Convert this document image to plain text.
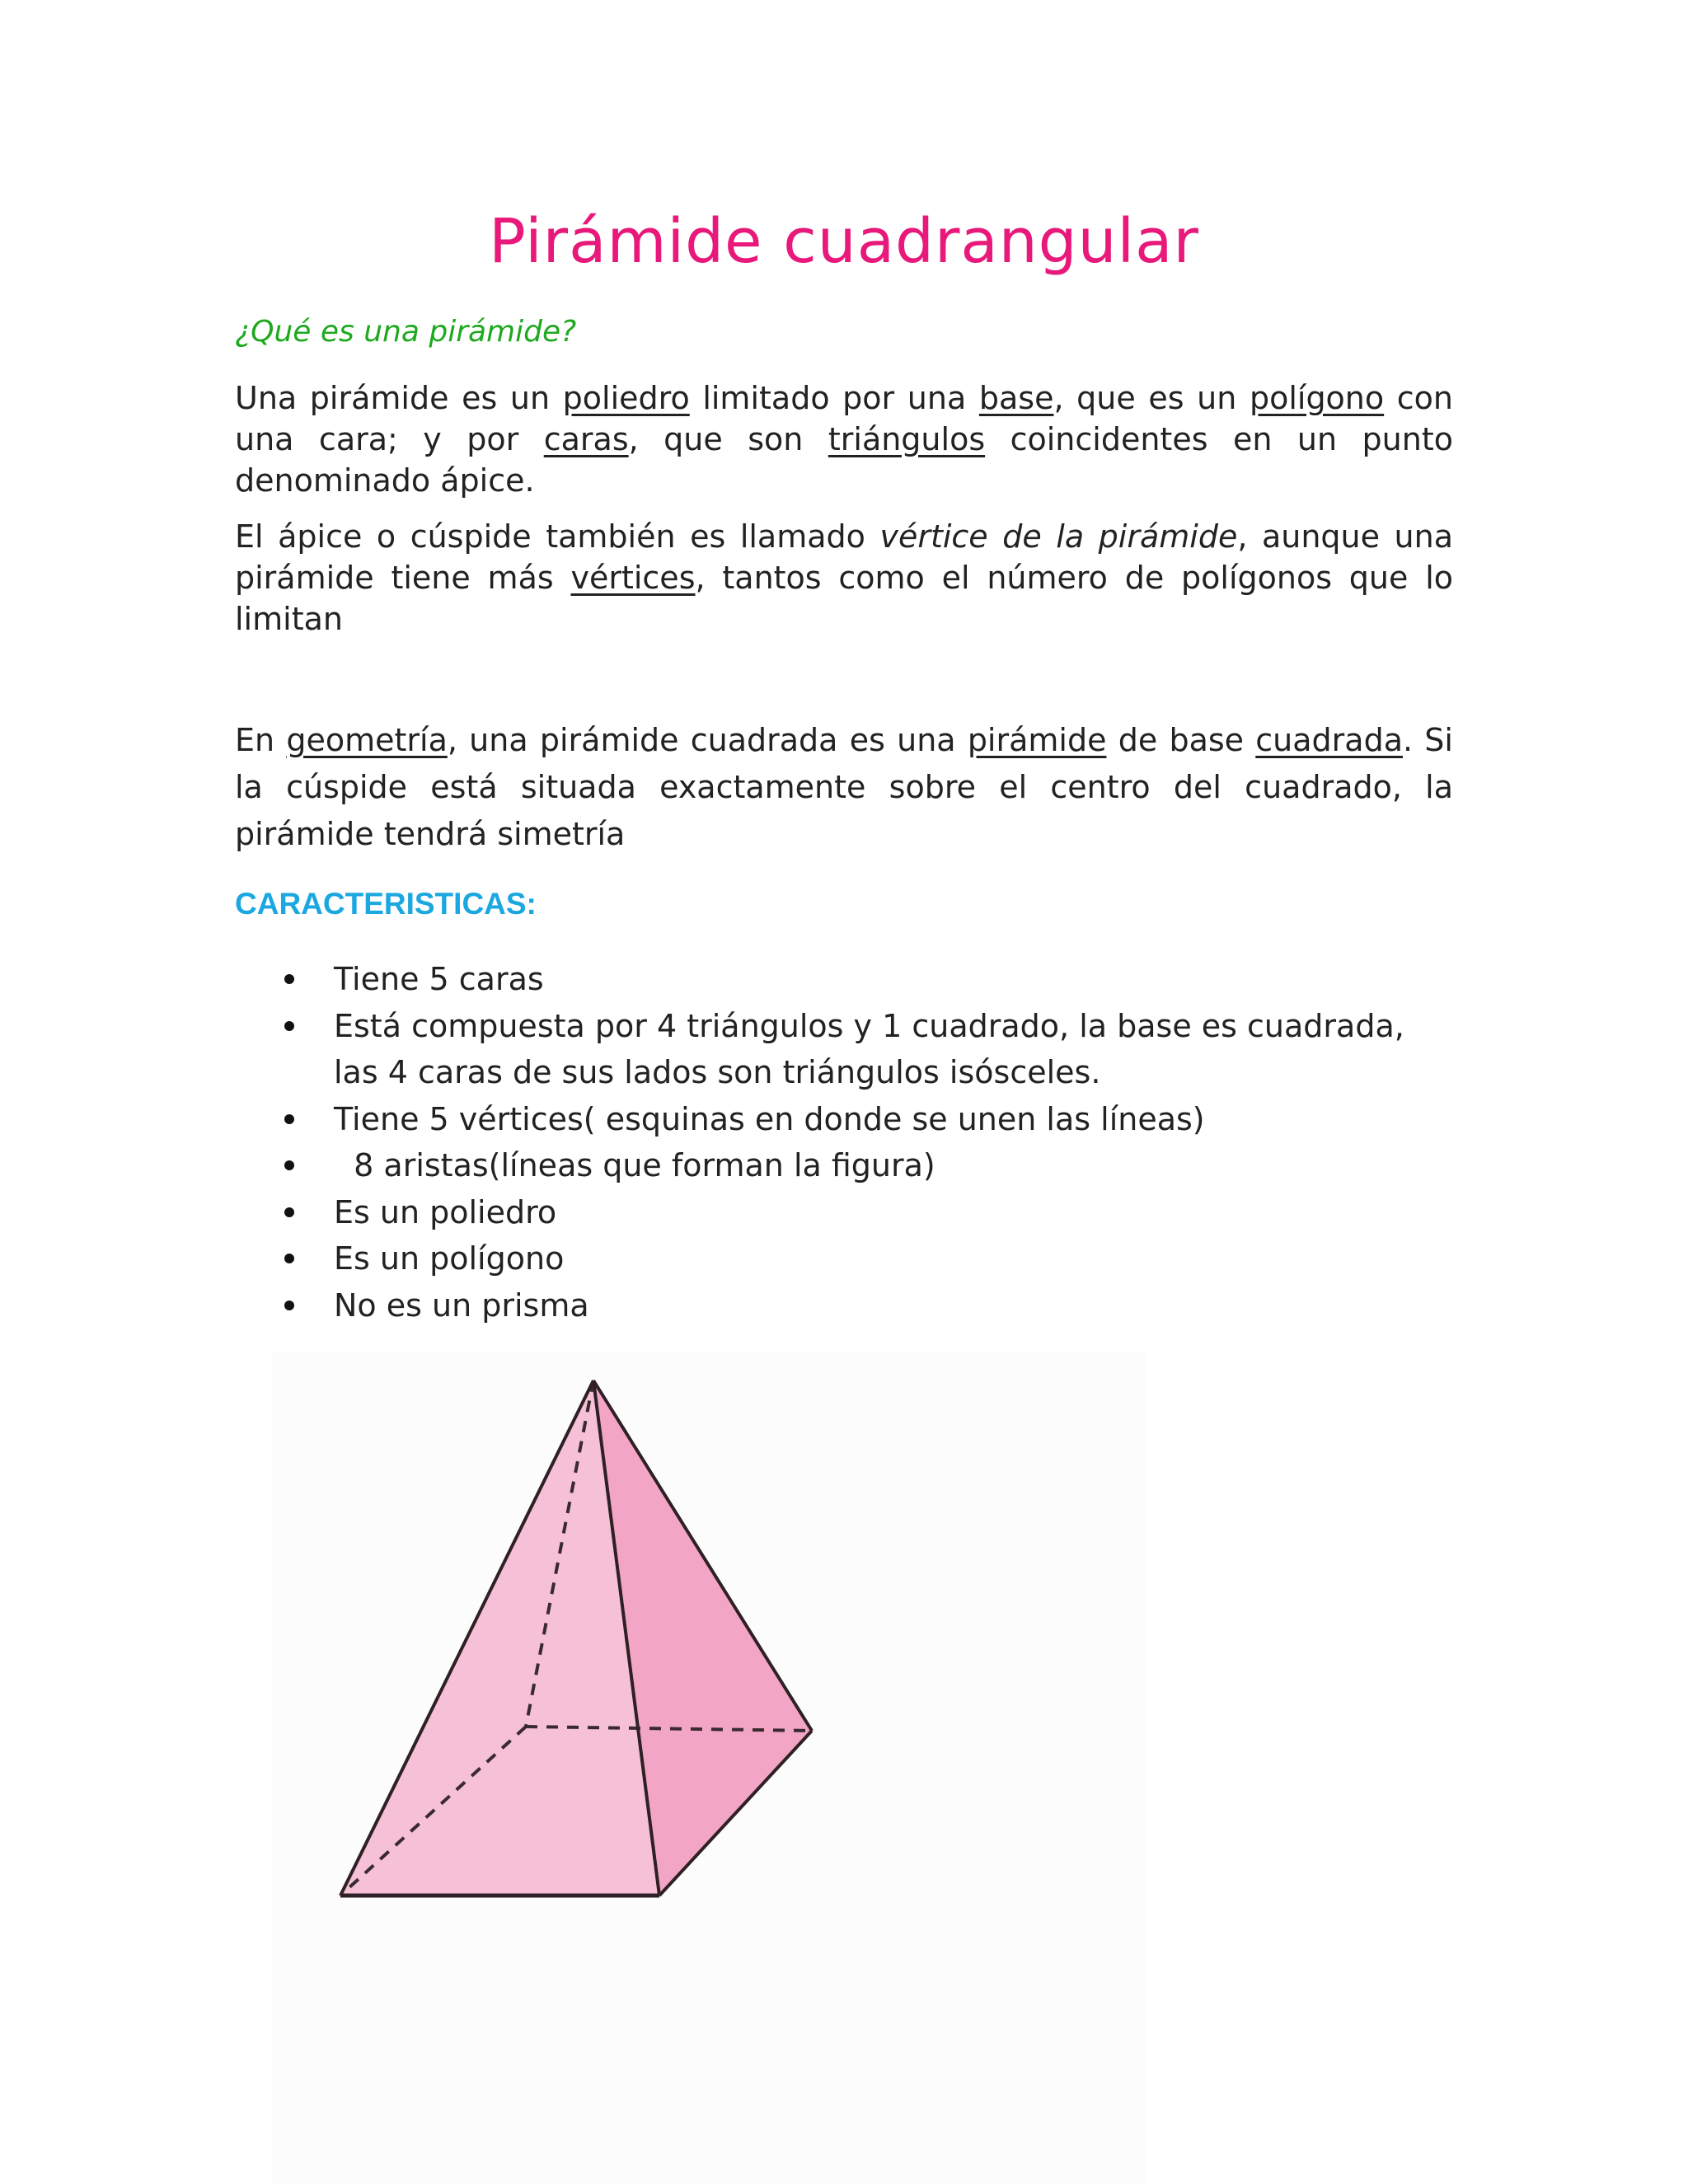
Pirámide cuadrangular
¿Qué es una pirámide?
Una pirámide es un poliedro limitado por una base, que es un polígono con una cara; y por caras, que son triángulos coincidentes en un punto denominado ápice.
El ápice o cúspide también es llamado vértice de la pirámide, aunque una pirámide tiene más vértices, tantos como el número de polígonos que lo limitan
En geometría, una pirámide cuadrada es una pirámide de base cuadrada. Si la cúspide está situada exactamente sobre el centro del cuadrado, la pirámide tendrá simetría
CARACTERISTICAS:
Tiene 5 caras
Está compuesta por 4 triángulos y 1 cuadrado, la base es cuadrada, las 4 caras de sus lados son triángulos isósceles.
Tiene 5 vértices( esquinas en donde se unen las líneas)
8 aristas(líneas que forman la figura)
Es un poliedro
Es un polígono
No es un prisma
